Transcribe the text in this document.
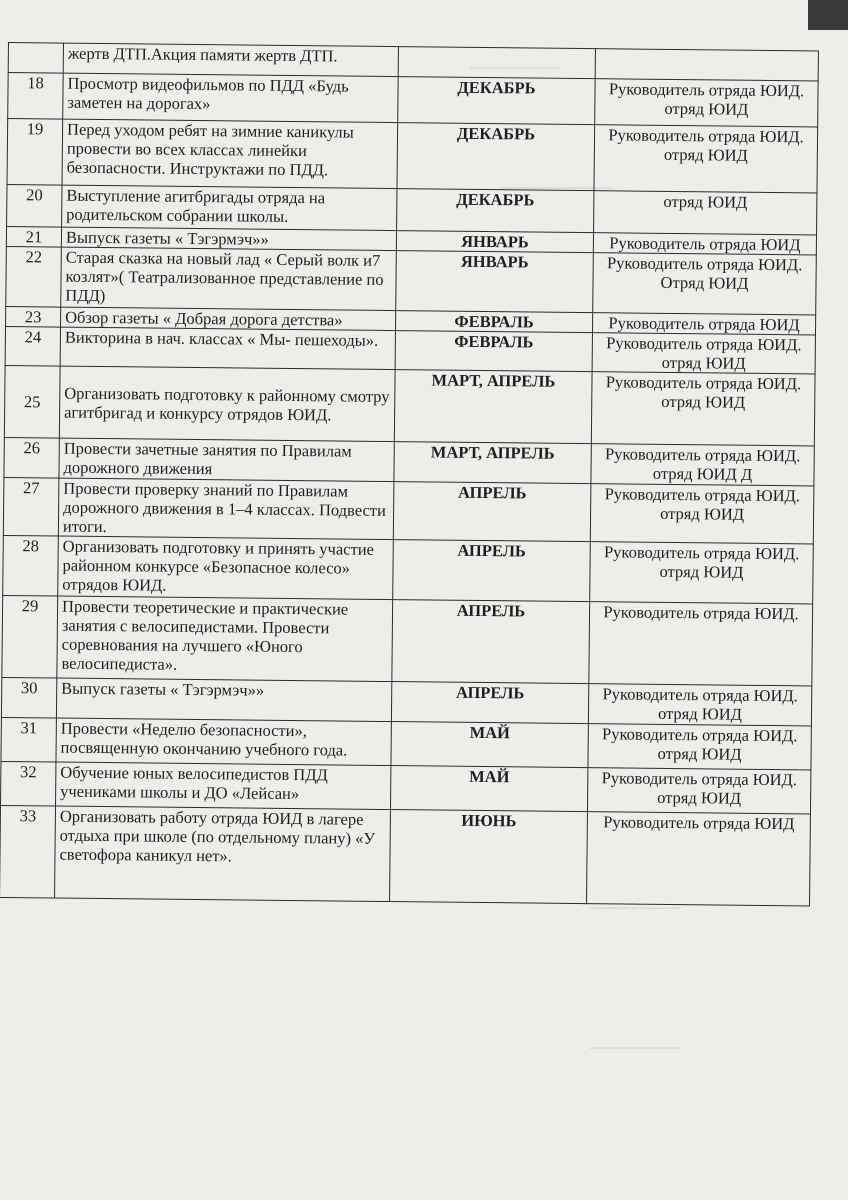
────────
──────────
────────
────────
	жертв ДТП.Акция памяти жертв ДТП.		
18	Просмотр видеофильмов по ПДД «Будь заметен на дорогах»	ДЕКАБРЬ	Руководитель отряда ЮИД. отряд ЮИД
19	Перед уходом ребят на зимние каникулы провести во всех классах линейки безопасности. Инструктажи по ПДД.	ДЕКАБРЬ	Руководитель отряда ЮИД. отряд ЮИД
20	Выступление агитбригады отряда на родительском собрании школы.	ДЕКАБРЬ	отряд ЮИД
21	Выпуск газеты « Тэгэрмэч»»	ЯНВАРЬ	Руководитель отряда ЮИД
22	Старая сказка на новый лад « Серый волк и7 козлят»( Театрализованное представление по ПДД)	ЯНВАРЬ	Руководитель отряда ЮИД. Отряд ЮИД
23	Обзор газеты « Добрая дорога детства»	ФЕВРАЛЬ	Руководитель отряда ЮИД
24	Викторина в нач. классах « Мы- пешеходы».	ФЕВРАЛЬ	Руководитель отряда ЮИД. отряд ЮИД
25	Организовать подготовку к районному смотру агитбригад и конкурсу отрядов ЮИД.	МАРТ, АПРЕЛЬ	Руководитель отряда ЮИД. отряд ЮИД
26	Провести зачетные занятия по Правилам дорожного движения	МАРТ, АПРЕЛЬ	Руководитель отряда ЮИД. отряд ЮИД Д
27	Провести проверку знаний по Правилам дорожного движения в 1–4 классах. Подвести итоги.	АПРЕЛЬ	Руководитель отряда ЮИД. отряд ЮИД
28	Организовать подготовку и принять участие районном конкурсе «Безопасное колесо» отрядов ЮИД.	АПРЕЛЬ	Руководитель отряда ЮИД. отряд ЮИД
29	Провести теоретические и практические занятия с велосипедистами. Провести соревнования на лучшего «Юного велосипедиста».	АПРЕЛЬ	Руководитель отряда ЮИД.
30	Выпуск газеты « Тэгэрмэч»»	АПРЕЛЬ	Руководитель отряда ЮИД. отряд ЮИД
31	Провести «Неделю безопасности», посвященную окончанию учебного года.	МАЙ	Руководитель отряда ЮИД. отряд ЮИД
32	Обучение юных велосипедистов ПДД учениками школы и ДО «Лейсан»	МАЙ	Руководитель отряда ЮИД. отряд ЮИД
33	Организовать работу отряда ЮИД в лагере отдыха при школе (по отдельному плану) «У светофора каникул нет».	ИЮНЬ	Руководитель отряда ЮИД
